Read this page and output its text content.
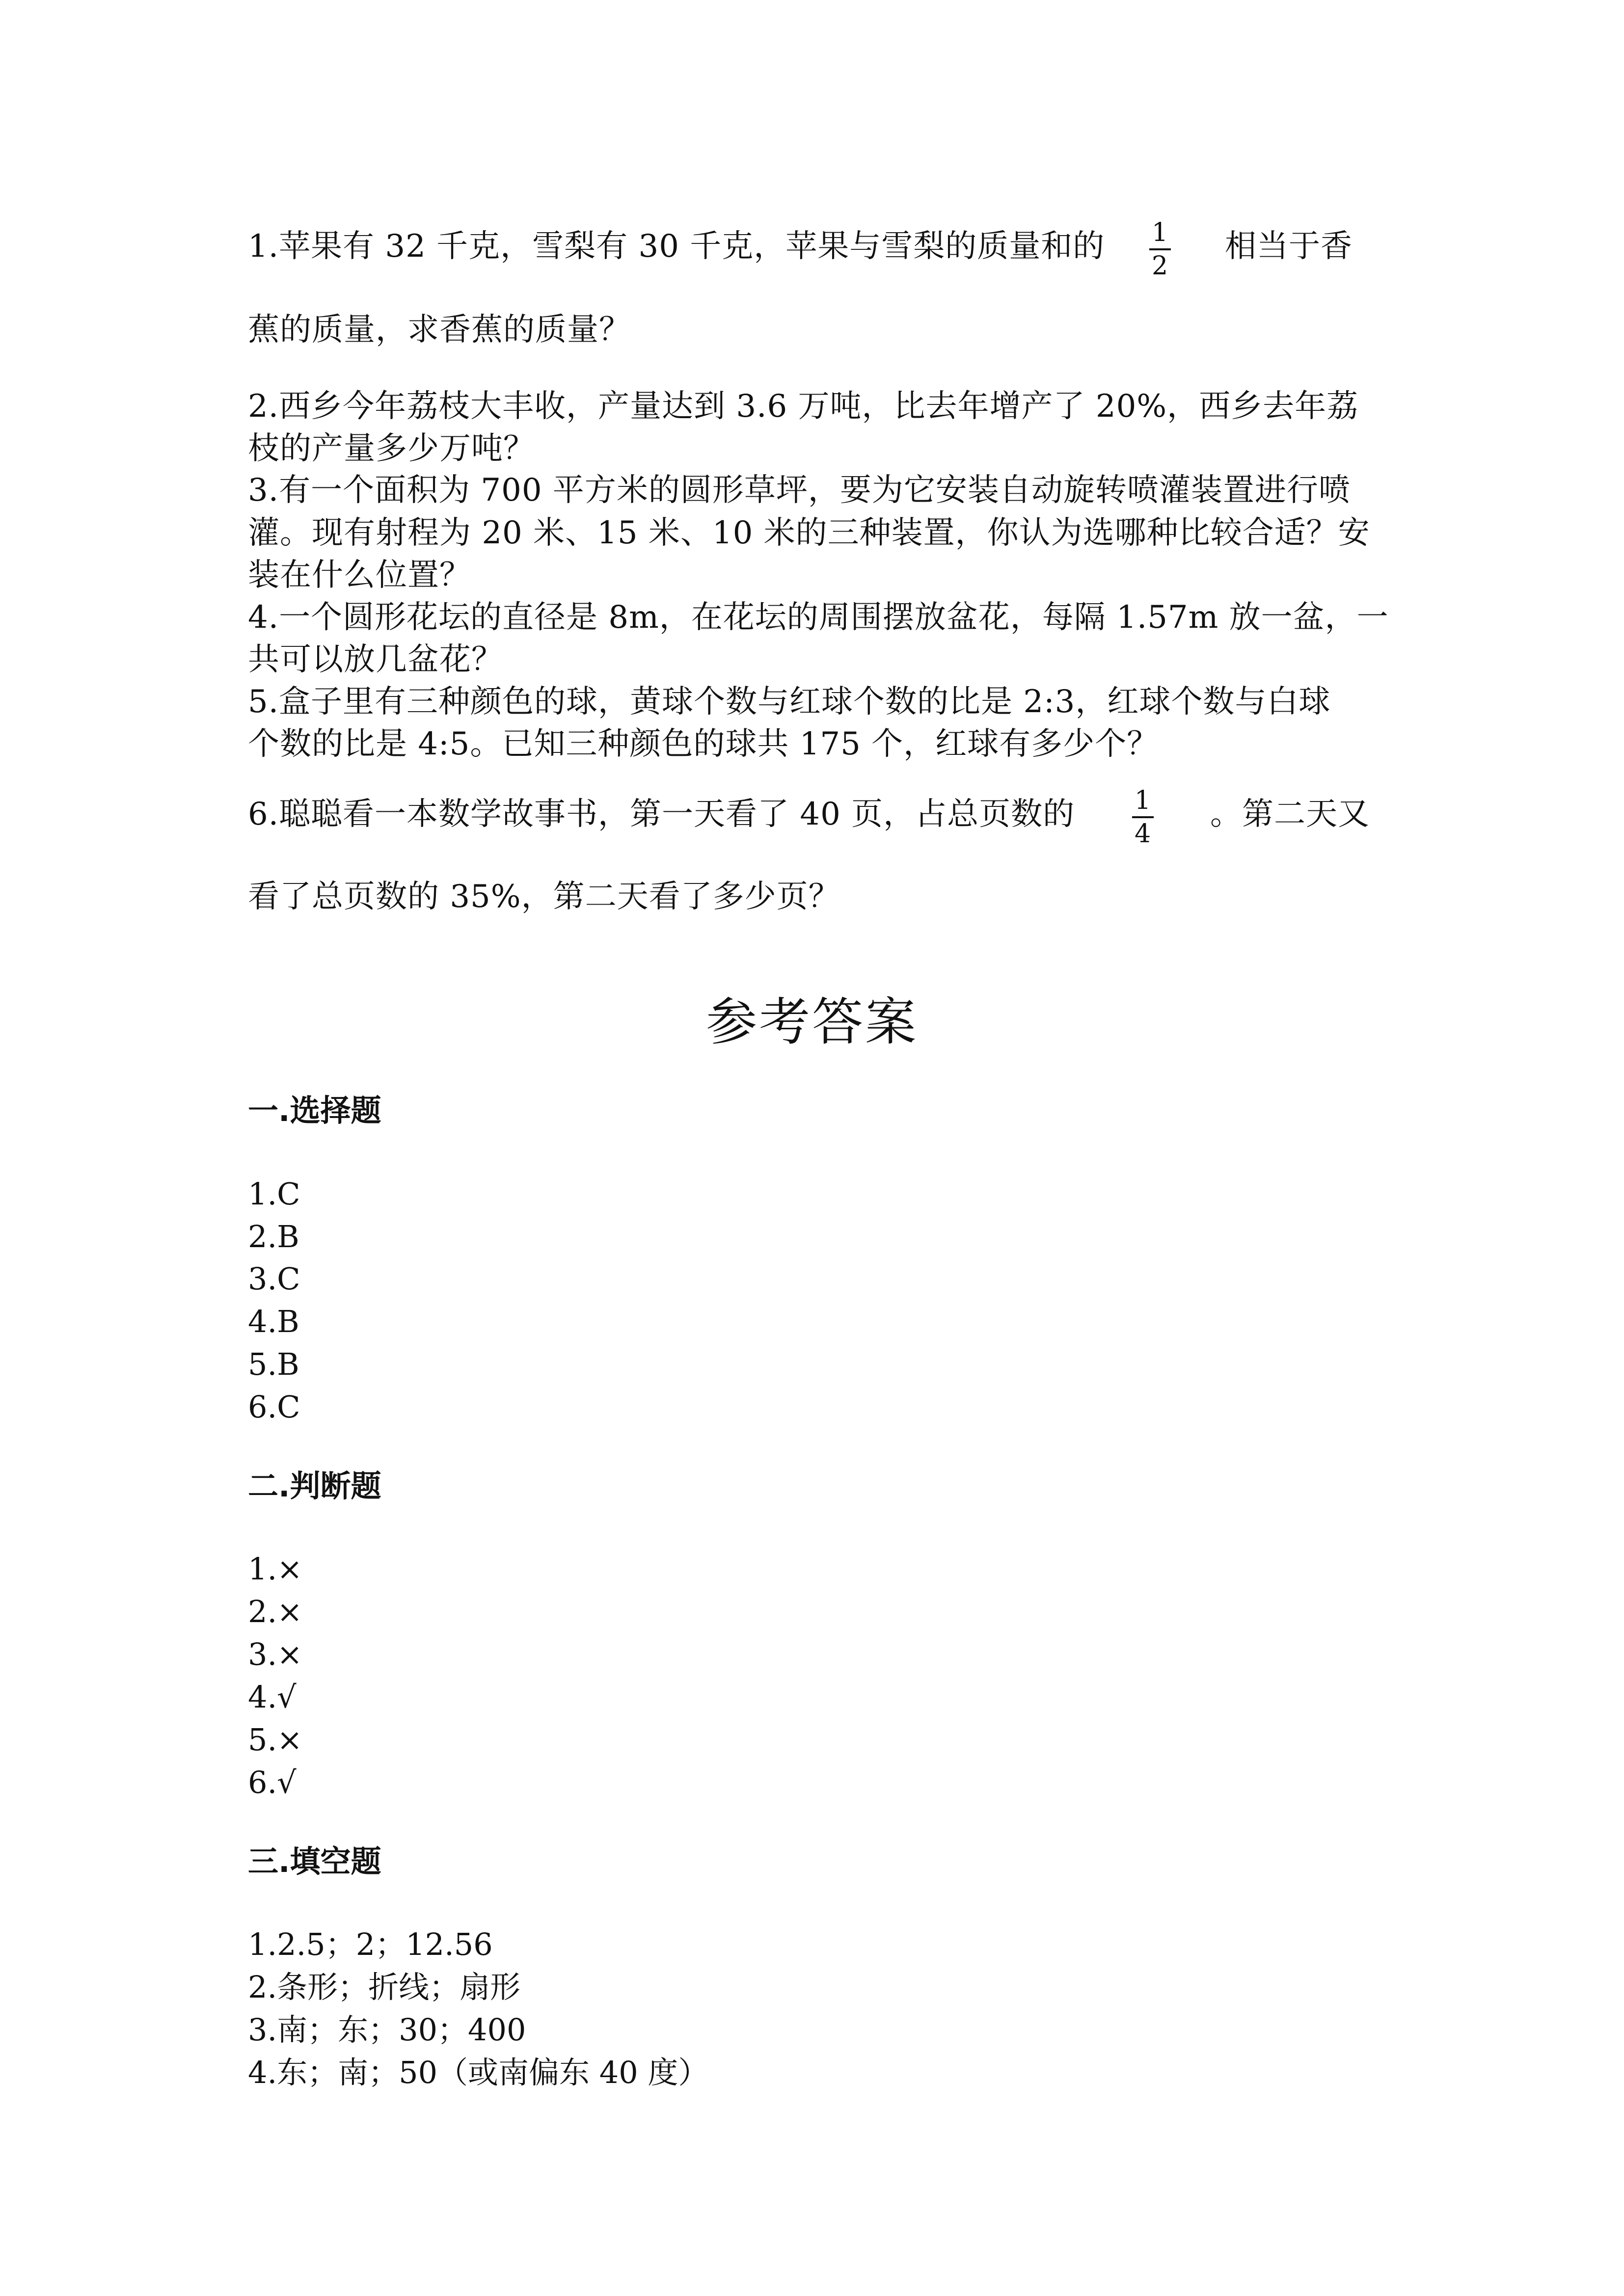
1.苹果有 32 千克，雪梨有 30 千克，苹果与雪梨的质量和的 1
2
相当于香
蕉的质量，求香蕉的质量？
2.西乡今年荔枝大丰收，产量达到 3.6 万吨，比去年增产了 20%，西乡去年荔
枝的产量多少万吨？
3.有一个面积为 700 平方米的圆形草坪，要为它安装自动旋转喷灌装置进行喷
灌。现有射程为 20 米、15 米、10 米的三种装置，你认为选哪种比较合适？安
装在什么位置？
4.一个圆形花坛的直径是 8m，在花坛的周围摆放盆花，每隔 1.57m 放一盆，一
共可以放几盆花？
5.盒子里有三种颜色的球，黄球个数与红球个数的比是 2:3，红球个数与白球
个数的比是 4:5。已知三种颜色的球共 175 个，红球有多少个？
6.聪聪看一本数学故事书，第一天看了 40 页，占总页数的 1
4
。第二天又
看了总页数的 35%，第二天看了多少页？
参考答案
一.选择题
1.C
2.B
3.C
4.B
5.B
6.C
二.判断题
1.×
2.×
3.×
4.√
5.×
6.√
三.填空题
1.2.5；2；12.56
2.条形；折线；扇形
3.南；东；30；400
4.东；南；50（或南偏东 40 度）
